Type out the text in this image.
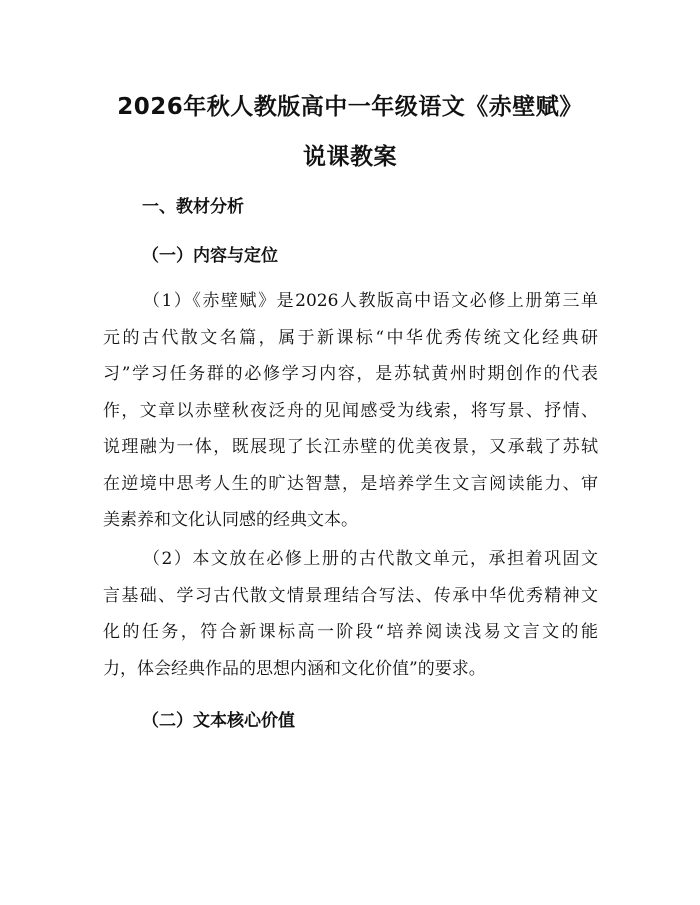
2026年秋人教版高中一年级语文《赤壁赋》
说课教案
一、教材分析
（一）内容与定位
（1）《赤壁赋》是2026人教版高中语文必修上册第三单
元的古代散文名篇，属于新课标“中华优秀传统文化经典研
习”学习任务群的必修学习内容，是苏轼黄州时期创作的代表
作，文章以赤壁秋夜泛舟的见闻感受为线索，将写景、抒情、
说理融为一体，既展现了长江赤壁的优美夜景，又承载了苏轼
在逆境中思考人生的旷达智慧，是培养学生文言阅读能力、审
美素养和文化认同感的经典文本。
（2）本文放在必修上册的古代散文单元，承担着巩固文
言基础、学习古代散文情景理结合写法、传承中华优秀精神文
化的任务，符合新课标高一阶段“培养阅读浅易文言文的能
力，体会经典作品的思想内涵和文化价值”的要求。
（二）文本核心价值
